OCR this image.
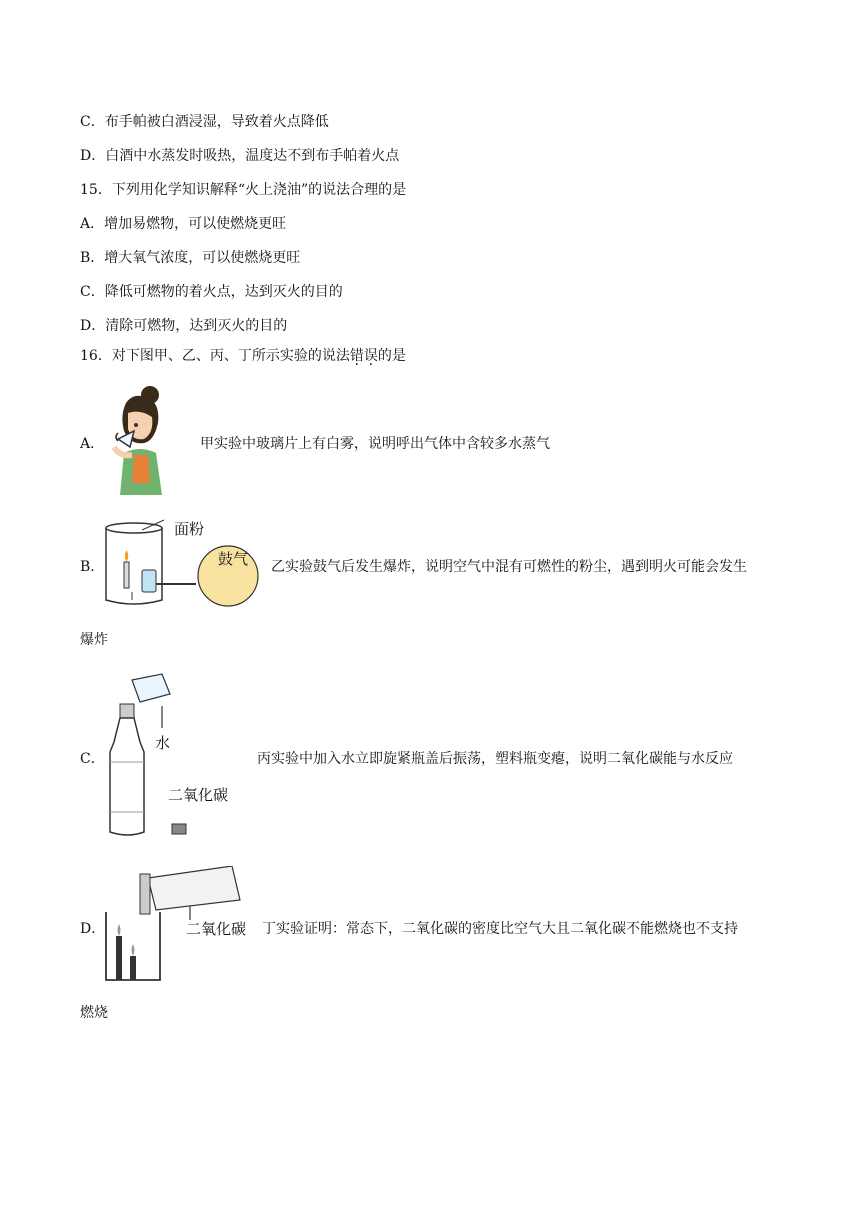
C．布手帕被白酒浸湿，导致着火点降低
D．白酒中水蒸发时吸热，温度达不到布手帕着火点
15．下列用化学知识解释“火上浇油”的说法合理的是
A．增加易燃物，可以使燃烧更旺
B．增大氧气浓度，可以使燃烧更旺
C．降低可燃物的着火点，达到灭火的目的
D．清除可燃物，达到灭火的目的
16．对下图甲、乙、丙、丁所示实验的说法错误的是
A．	甲实验中玻璃片上有白雾，说明呼出气体中含较多水蒸气
B．
面粉
鼓气 乙实验鼓气后发生爆炸，说明空气中混有可燃性的粉尘，遇到明火可能会发生
爆炸
C．
水
二氧化碳
丙实验中加入水立即旋紧瓶盖后振荡，塑料瓶变瘪，说明二氧化碳能与水反应
D．	二氧化碳 丁实验证明：常态下，二氧化碳的密度比空气大且二氧化碳不能燃烧也不支持
燃烧
